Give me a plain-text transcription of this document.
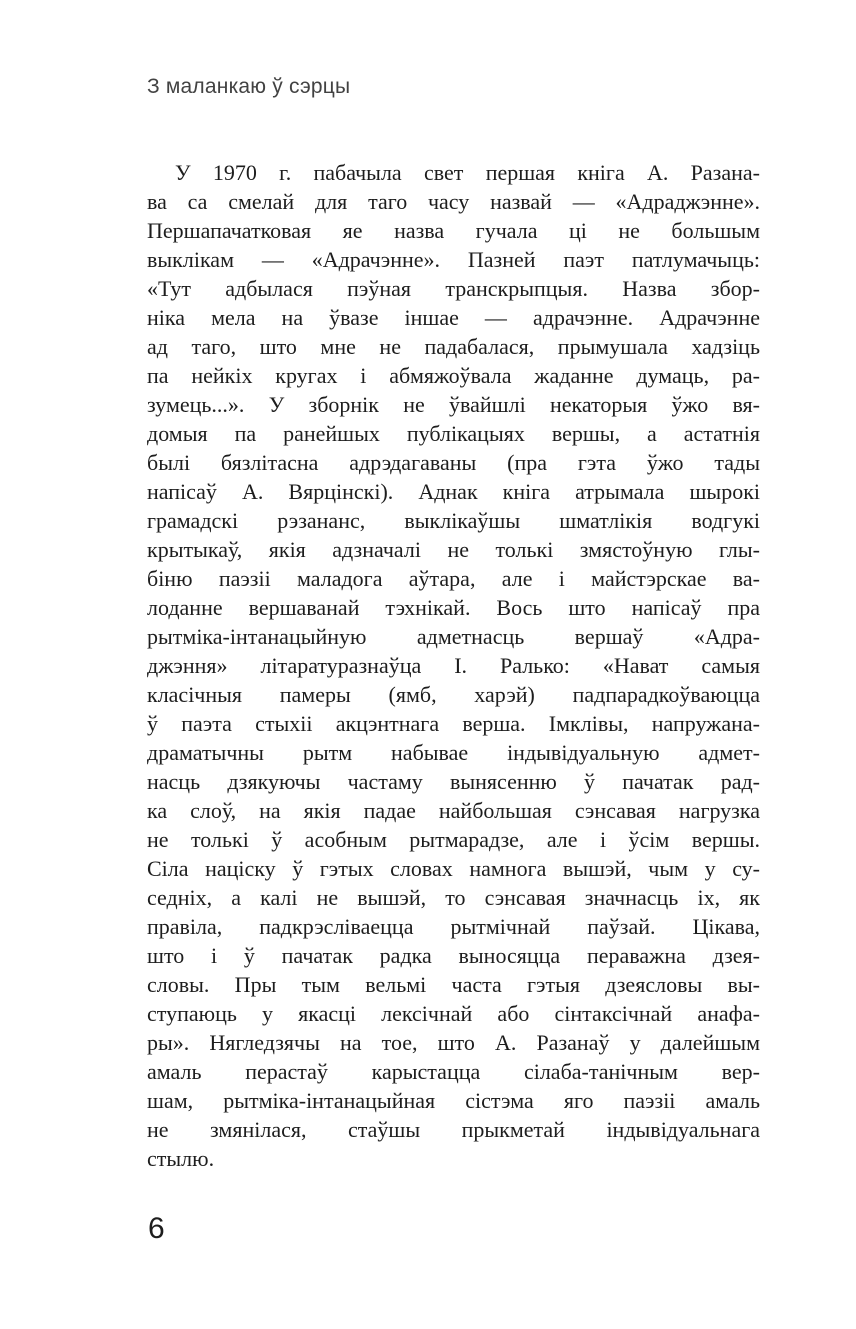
З маланкаю ў сэрцы
У 1970 г. пабачыла свет першая кніга А. Разана-
ва са смелай для таго часу назвай — «Адраджэнне».
Першапачатковая яе назва гучала ці не большым
выклікам — «Адрачэнне». Пазней паэт патлумачыць:
«Тут адбылася пэўная транскрыпцыя. Назва збор-
ніка мела на ўвазе іншае — адрачэнне. Адрачэнне
ад таго, што мне не падабалася, прымушала хадзіць
па нейкіх кругах і абмяжоўвала жаданне думаць, ра-
зумець...». У зборнік не ўвайшлі некаторыя ўжо вя-
домыя па ранейшых публікацыях вершы, а астатнія
былі бязлітасна адрэдагаваны (пра гэта ўжо тады
напісаў А. Вярцінскі). Аднак кніга атрымала шырокі
грамадскі рэзананс, выклікаўшы шматлікія водгукі
крытыкаў, якія адзначалі не толькі змястоўную глы-
біню паэзіі маладога аўтара, але і майстэрскае ва-
лоданне вершаванай тэхнікай. Вось што напісаў пра
рытміка-інтанацыйную адметнасць вершаў «Адра-
джэння» літаратуразнаўца І. Ралько: «Нават самыя
класічныя памеры (ямб, харэй) падпарадкоўваюцца
ў паэта стыхіі акцэнтнага верша. Імклівы, напружана-
драматычны рытм набывае індывідуальную адмет-
насць дзякуючы частаму вынясенню ў пачатак рад-
ка слоў, на якія падае найбольшая сэнсавая нагрузка
не толькі ў асобным рытмарадзе, але і ўсім вершы.
Сіла націску ў гэтых словах намнога вышэй, чым у су-
седніх, а калі не вышэй, то сэнсавая значнасць іх, як
правіла, падкрэсліваецца рытмічнай паўзай. Цікава,
што і ў пачатак радка выносяцца пераважна дзея-
словы. Пры тым вельмі часта гэтыя дзеясловы вы-
ступаюць у якасці лексічнай або сінтаксічнай анафа-
ры». Нягледзячы на тое, што А. Разанаў у далейшым
амаль перастаў карыстацца сілаба-танічным вер-
шам, рытміка-інтанацыйная сістэма яго паэзіі амаль
не змянілася, стаўшы прыкметай індывідуальнага
стылю.
6
